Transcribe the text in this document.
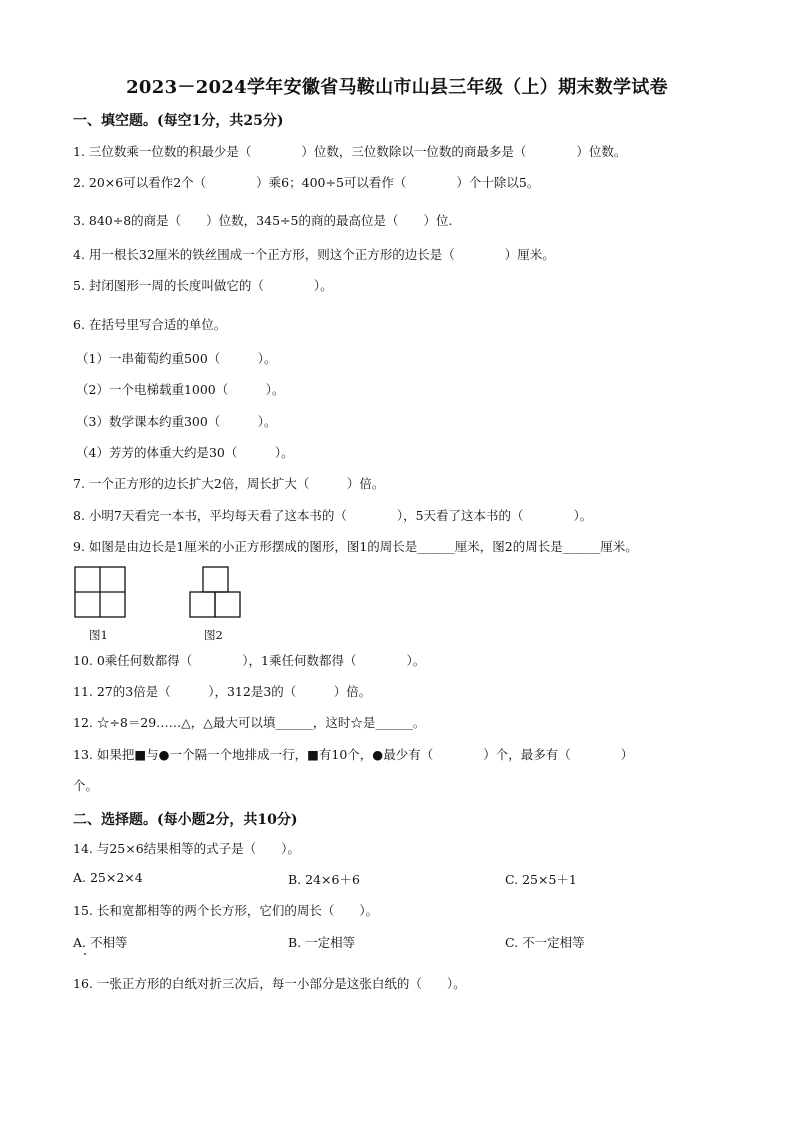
2023－2024学年安徽省马鞍山市山县三年级（上）期末数学试卷
一、填空题。(每空1分，共25分)
1. 三位数乘一位数的积最少是（　　　　）位数，三位数除以一位数的商最多是（　　　　）位数。
2. 20×6可以看作2个（　　　　）乘6；400÷5可以看作（　　　　）个十除以5。
3. 840÷8的商是（　　）位数，345÷5的商的最高位是（　　）位.
4. 用一根长32厘米的铁丝围成一个正方形，则这个正方形的边长是（　　　　）厘米。
5. 封闭图形一周的长度叫做它的（　　　　）。
6. 在括号里写合适的单位。
（1）一串葡萄约重500（　　　）。
（2）一个电梯载重1000（　　　）。
（3）数学课本约重300（　　　）。
（4）芳芳的体重大约是30（　　　）。
7. 一个正方形的边长扩大2倍，周长扩大（　　　）倍。
8. 小明7天看完一本书，平均每天看了这本书的（　　　　），5天看了这本书的（　　　　）。
9. 如图是由边长是1厘米的小正方形摆成的图形，图1的周长是______厘米，图2的周长是______厘米。
图1	图2
10. 0乘任何数都得（　　　　），1乘任何数都得（　　　　）。
11. 27的3倍是（　　　），312是3的（　　　）倍。
12. ☆÷8＝29……△，△最大可以填______，这时☆是______。
13. 如果把■与●一个隔一个地排成一行，■有10个，●最少有（　　　　）个，最多有（　　　　）
个。
二、选择题。(每小题2分，共10分)
14. 与25×6结果相等的式子是（　　）。
A. 25×2×4	B. 24×6＋6	C. 25×5＋1
15. 长和宽都相等的两个长方形，它们的周长（　　）。
A. 不相等	B. 一定相等	C. 不一定相等
16. 一张正方形的白纸对折三次后，每一小部分是这张白纸的（　　）。
